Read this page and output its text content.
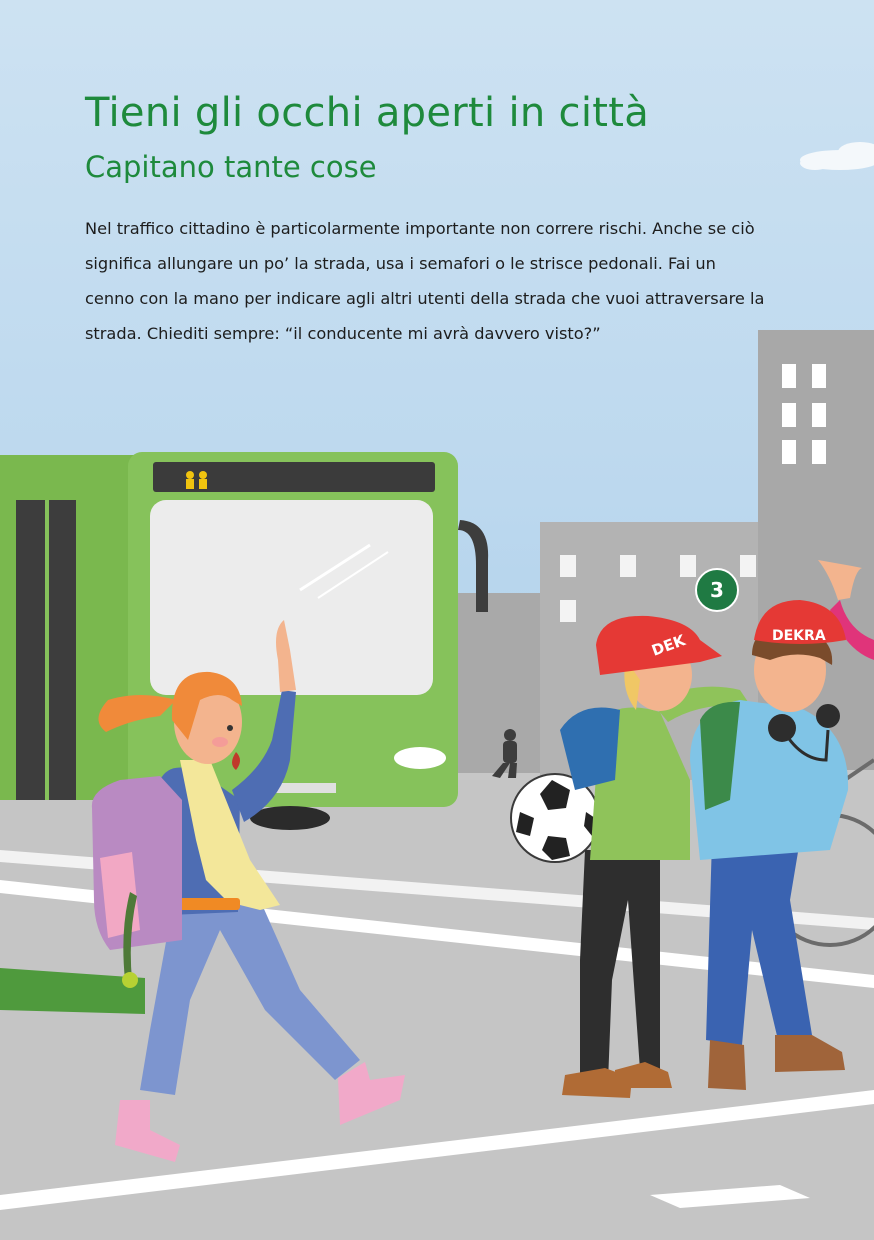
DEK	DEKRA
Tieni gli occhi aperti in città
Capitano tante cose

Nel traffico cittadino è particolarmente importante non correre rischi. Anche se ciò significa allungare un po’ la strada, usa i semafori o le strisce pedonali. Fai un cenno con la mano per indicare agli altri utenti della strada che vuoi attraversare la strada. Chiediti sempre: “il conducente mi avrà davvero visto?”

3
